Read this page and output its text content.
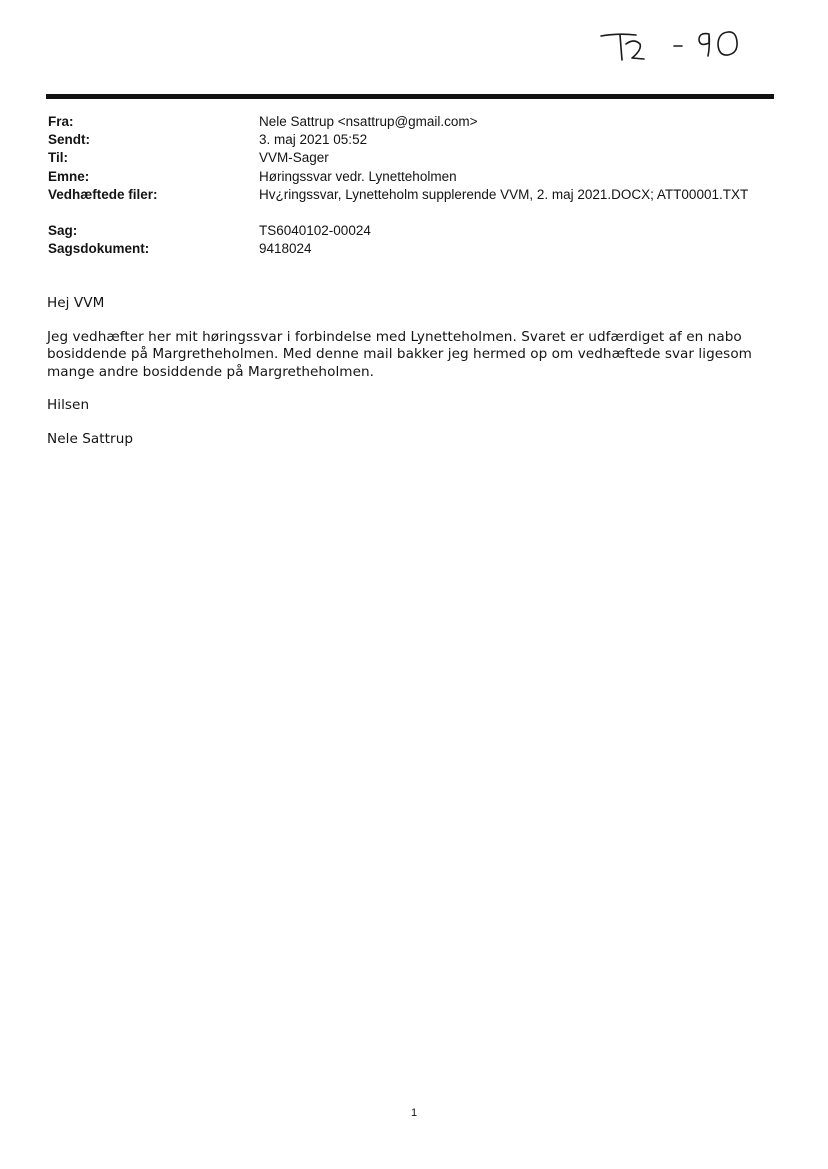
Fra:	Nele Sattrup <nsattrup@gmail.com>
Sendt:	3. maj 2021 05:52
Til:	VVM-Sager
Emne:	Høringssvar vedr. Lynetteholmen
Vedhæftede filer:	Hv¿ringssvar, Lynetteholm supplerende VVM, 2. maj 2021.DOCX; ATT00001.TXT
Sag:	TS6040102-00024
Sagsdokument:	9418024

Hej VVM

Jeg vedhæfter her mit høringssvar i forbindelse med Lynetteholmen. Svaret er udfærdiget af en nabo
bosiddende på Margretheholmen. Med denne mail bakker jeg hermed op om vedhæftede svar ligesom
mange andre bosiddende på Margretheholmen.

Hilsen

Nele Sattrup

1
